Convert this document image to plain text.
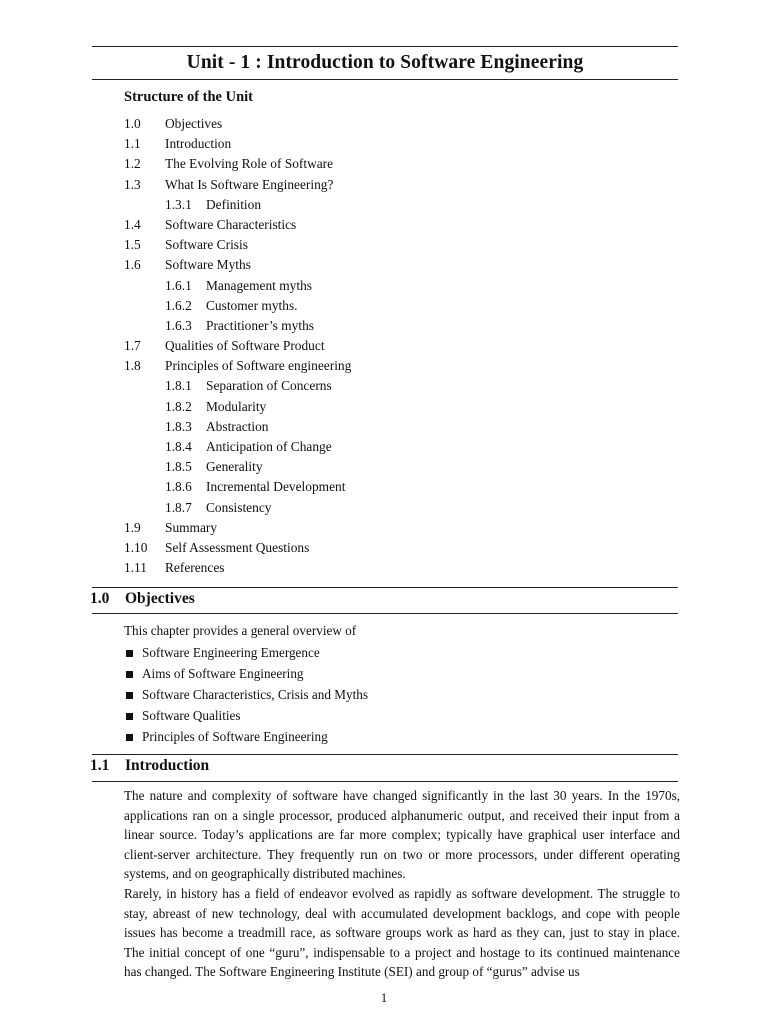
Unit - 1 : Introduction to Software Engineering
Structure of the Unit
1.0 Objectives
1.1 Introduction
1.2 The Evolving Role of Software
1.3 What Is Software Engineering?
1.3.1 Definition
1.4 Software Characteristics
1.5 Software Crisis
1.6 Software Myths
1.6.1 Management myths
1.6.2 Customer myths.
1.6.3 Practitioner’s myths
1.7 Qualities of Software Product
1.8 Principles of Software engineering
1.8.1 Separation of Concerns
1.8.2 Modularity
1.8.3 Abstraction
1.8.4 Anticipation of Change
1.8.5 Generality
1.8.6 Incremental Development
1.8.7 Consistency
1.9 Summary
1.10 Self Assessment Questions
1.11 References
1.0 Objectives

This chapter provides a general overview of

Software Engineering Emergence
Aims of Software Engineering
Software Characteristics, Crisis and Myths
Software Qualities
Principles of Software Engineering
1.1 Introduction

The nature and complexity of software have changed significantly in the last 30 years. In the 1970s, applications ran on a single processor, produced alphanumeric output, and received their input from a linear source. Today’s applications are far more complex; typically have graphical user interface and client-server architecture. They frequently run on two or more processors, under different operating systems, and on geographically distributed machines.

Rarely, in history has a field of endeavor evolved as rapidly as software development. The struggle to stay, abreast of new technology, deal with accumulated development backlogs, and cope with people issues has become a treadmill race, as software groups work as hard as they can, just to stay in place. The initial concept of one “guru”, indispensable to a project and hostage to its continued maintenance has changed. The Software Engineering Institute (SEI) and group of “gurus” advise us

1
